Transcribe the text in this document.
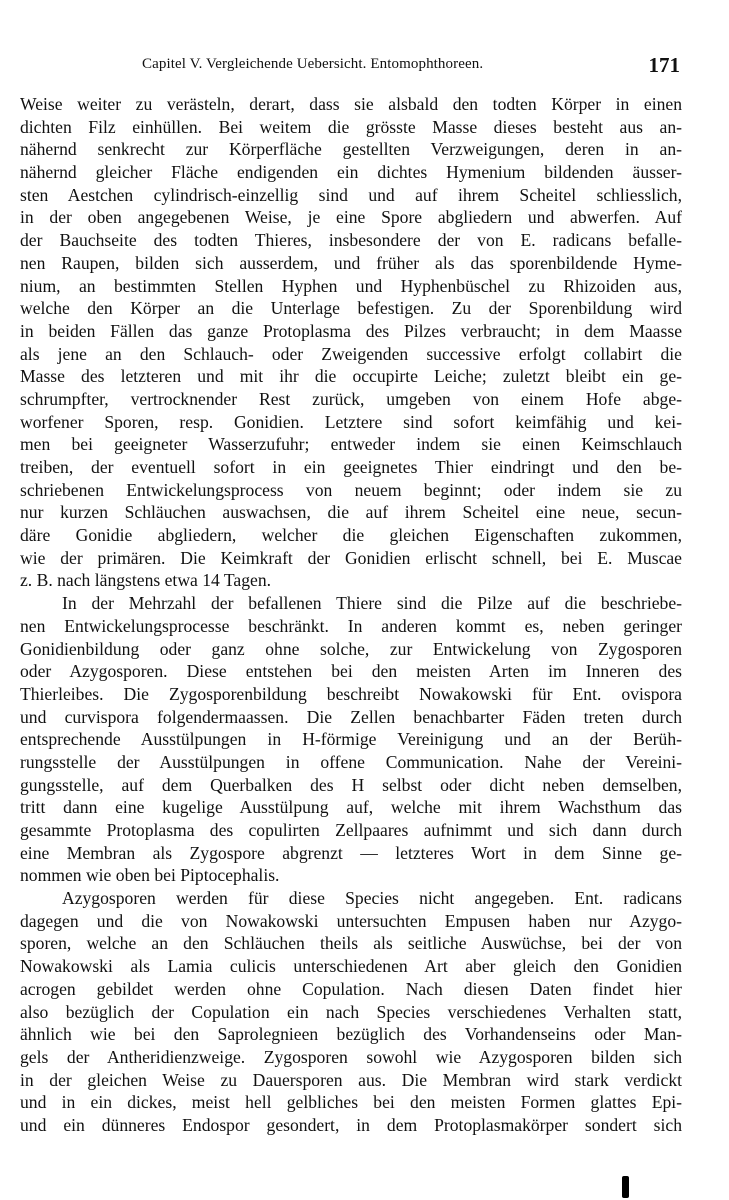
Capitel V. Vergleichende Uebersicht. Entomophthoreen.	171
Weise weiter zu verästeln, derart, dass sie alsbald den todten Körper in einen
dichten Filz einhüllen. Bei weitem die grösste Masse dieses besteht aus an-
nähernd senkrecht zur Körperfläche gestellten Verzweigungen, deren in an-
nähernd gleicher Fläche endigenden ein dichtes Hymenium bildenden äusser-
sten Aestchen cylindrisch-einzellig sind und auf ihrem Scheitel schliesslich,
in der oben angegebenen Weise, je eine Spore abgliedern und abwerfen. Auf
der Bauchseite des todten Thieres, insbesondere der von E. radicans befalle-
nen Raupen, bilden sich ausserdem, und früher als das sporenbildende Hyme-
nium, an bestimmten Stellen Hyphen und Hyphenbüschel zu Rhizoiden aus,
welche den Körper an die Unterlage befestigen. Zu der Sporenbildung wird
in beiden Fällen das ganze Protoplasma des Pilzes verbraucht; in dem Maasse
als jene an den Schlauch- oder Zweigenden successive erfolgt collabirt die
Masse des letzteren und mit ihr die occupirte Leiche; zuletzt bleibt ein ge-
schrumpfter, vertrocknender Rest zurück, umgeben von einem Hofe abge-
worfener Sporen, resp. Gonidien. Letztere sind sofort keimfähig und kei-
men bei geeigneter Wasserzufuhr; entweder indem sie einen Keimschlauch
treiben, der eventuell sofort in ein geeignetes Thier eindringt und den be-
schriebenen Entwickelungsprocess von neuem beginnt; oder indem sie zu
nur kurzen Schläuchen auswachsen, die auf ihrem Scheitel eine neue, secun-
däre Gonidie abgliedern, welcher die gleichen Eigenschaften zukommen,
wie der primären. Die Keimkraft der Gonidien erlischt schnell, bei E. Muscae
z. B. nach längstens etwa 14 Tagen.
In der Mehrzahl der befallenen Thiere sind die Pilze auf die beschriebe-
nen Entwickelungsprocesse beschränkt. In anderen kommt es, neben geringer
Gonidienbildung oder ganz ohne solche, zur Entwickelung von Zygosporen
oder Azygosporen. Diese entstehen bei den meisten Arten im Inneren des
Thierleibes. Die Zygosporenbildung beschreibt Nowakowski für Ent. ovispora
und curvispora folgendermaassen. Die Zellen benachbarter Fäden treten durch
entsprechende Ausstülpungen in H-förmige Vereinigung und an der Berüh-
rungsstelle der Ausstülpungen in offene Communication. Nahe der Vereini-
gungsstelle, auf dem Querbalken des H selbst oder dicht neben demselben,
tritt dann eine kugelige Ausstülpung auf, welche mit ihrem Wachsthum das
gesammte Protoplasma des copulirten Zellpaares aufnimmt und sich dann durch
eine Membran als Zygospore abgrenzt — letzteres Wort in dem Sinne ge-
nommen wie oben bei Piptocephalis.
Azygosporen werden für diese Species nicht angegeben. Ent. radicans
dagegen und die von Nowakowski untersuchten Empusen haben nur Azygo-
sporen, welche an den Schläuchen theils als seitliche Auswüchse, bei der von
Nowakowski als Lamia culicis unterschiedenen Art aber gleich den Gonidien
acrogen gebildet werden ohne Copulation. Nach diesen Daten findet hier
also bezüglich der Copulation ein nach Species verschiedenes Verhalten statt,
ähnlich wie bei den Saprolegnieen bezüglich des Vorhandenseins oder Man-
gels der Antheridienzweige. Zygosporen sowohl wie Azygosporen bilden sich
in der gleichen Weise zu Dauersporen aus. Die Membran wird stark verdickt
und in ein dickes, meist hell gelbliches bei den meisten Formen glattes Epi-
und ein dünneres Endospor gesondert, in dem Protoplasmakörper sondert sich
